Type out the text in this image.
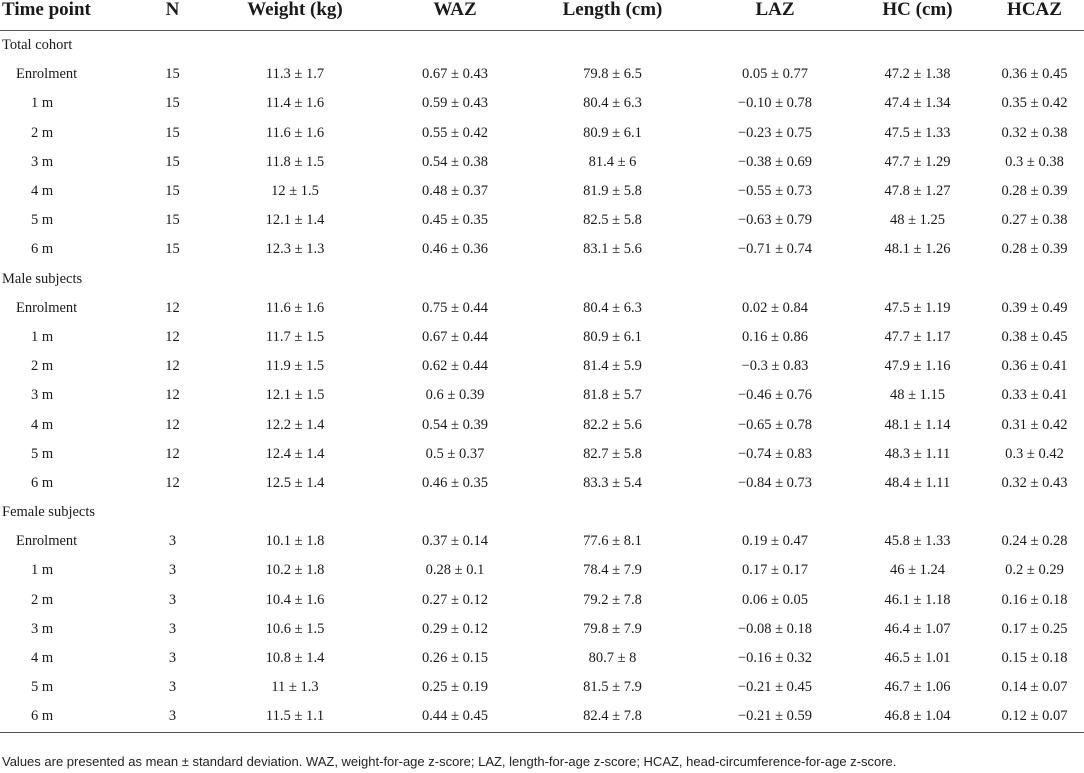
Time point	N	Weight (kg)	WAZ	Length (cm)	LAZ	HC (cm)	HCAZ
Total cohort							
Enrolment	15	11.3 ± 1.7	0.67 ± 0.43	79.8 ± 6.5	0.05 ± 0.77	47.2 ± 1.38	0.36 ± 0.45
1 m	15	11.4 ± 1.6	0.59 ± 0.43	80.4 ± 6.3	−0.10 ± 0.78	47.4 ± 1.34	0.35 ± 0.42
2 m	15	11.6 ± 1.6	0.55 ± 0.42	80.9 ± 6.1	−0.23 ± 0.75	47.5 ± 1.33	0.32 ± 0.38
3 m	15	11.8 ± 1.5	0.54 ± 0.38	81.4 ± 6	−0.38 ± 0.69	47.7 ± 1.29	0.3 ± 0.38
4 m	15	12 ± 1.5	0.48 ± 0.37	81.9 ± 5.8	−0.55 ± 0.73	47.8 ± 1.27	0.28 ± 0.39
5 m	15	12.1 ± 1.4	0.45 ± 0.35	82.5 ± 5.8	−0.63 ± 0.79	48 ± 1.25	0.27 ± 0.38
6 m	15	12.3 ± 1.3	0.46 ± 0.36	83.1 ± 5.6	−0.71 ± 0.74	48.1 ± 1.26	0.28 ± 0.39
Male subjects							
Enrolment	12	11.6 ± 1.6	0.75 ± 0.44	80.4 ± 6.3	0.02 ± 0.84	47.5 ± 1.19	0.39 ± 0.49
1 m	12	11.7 ± 1.5	0.67 ± 0.44	80.9 ± 6.1	0.16 ± 0.86	47.7 ± 1.17	0.38 ± 0.45
2 m	12	11.9 ± 1.5	0.62 ± 0.44	81.4 ± 5.9	−0.3 ± 0.83	47.9 ± 1.16	0.36 ± 0.41
3 m	12	12.1 ± 1.5	0.6 ± 0.39	81.8 ± 5.7	−0.46 ± 0.76	48 ± 1.15	0.33 ± 0.41
4 m	12	12.2 ± 1.4	0.54 ± 0.39	82.2 ± 5.6	−0.65 ± 0.78	48.1 ± 1.14	0.31 ± 0.42
5 m	12	12.4 ± 1.4	0.5 ± 0.37	82.7 ± 5.8	−0.74 ± 0.83	48.3 ± 1.11	0.3 ± 0.42
6 m	12	12.5 ± 1.4	0.46 ± 0.35	83.3 ± 5.4	−0.84 ± 0.73	48.4 ± 1.11	0.32 ± 0.43
Female subjects							
Enrolment	3	10.1 ± 1.8	0.37 ± 0.14	77.6 ± 8.1	0.19 ± 0.47	45.8 ± 1.33	0.24 ± 0.28
1 m	3	10.2 ± 1.8	0.28 ± 0.1	78.4 ± 7.9	0.17 ± 0.17	46 ± 1.24	0.2 ± 0.29
2 m	3	10.4 ± 1.6	0.27 ± 0.12	79.2 ± 7.8	0.06 ± 0.05	46.1 ± 1.18	0.16 ± 0.18
3 m	3	10.6 ± 1.5	0.29 ± 0.12	79.8 ± 7.9	−0.08 ± 0.18	46.4 ± 1.07	0.17 ± 0.25
4 m	3	10.8 ± 1.4	0.26 ± 0.15	80.7 ± 8	−0.16 ± 0.32	46.5 ± 1.01	0.15 ± 0.18
5 m	3	11 ± 1.3	0.25 ± 0.19	81.5 ± 7.9	−0.21 ± 0.45	46.7 ± 1.06	0.14 ± 0.07
6 m	3	11.5 ± 1.1	0.44 ± 0.45	82.4 ± 7.8	−0.21 ± 0.59	46.8 ± 1.04	0.12 ± 0.07
Values are presented as mean ± standard deviation. WAZ, weight-for-age z-score; LAZ, length-for-age z-score; HCAZ, head-circumference-for-age z-score.
